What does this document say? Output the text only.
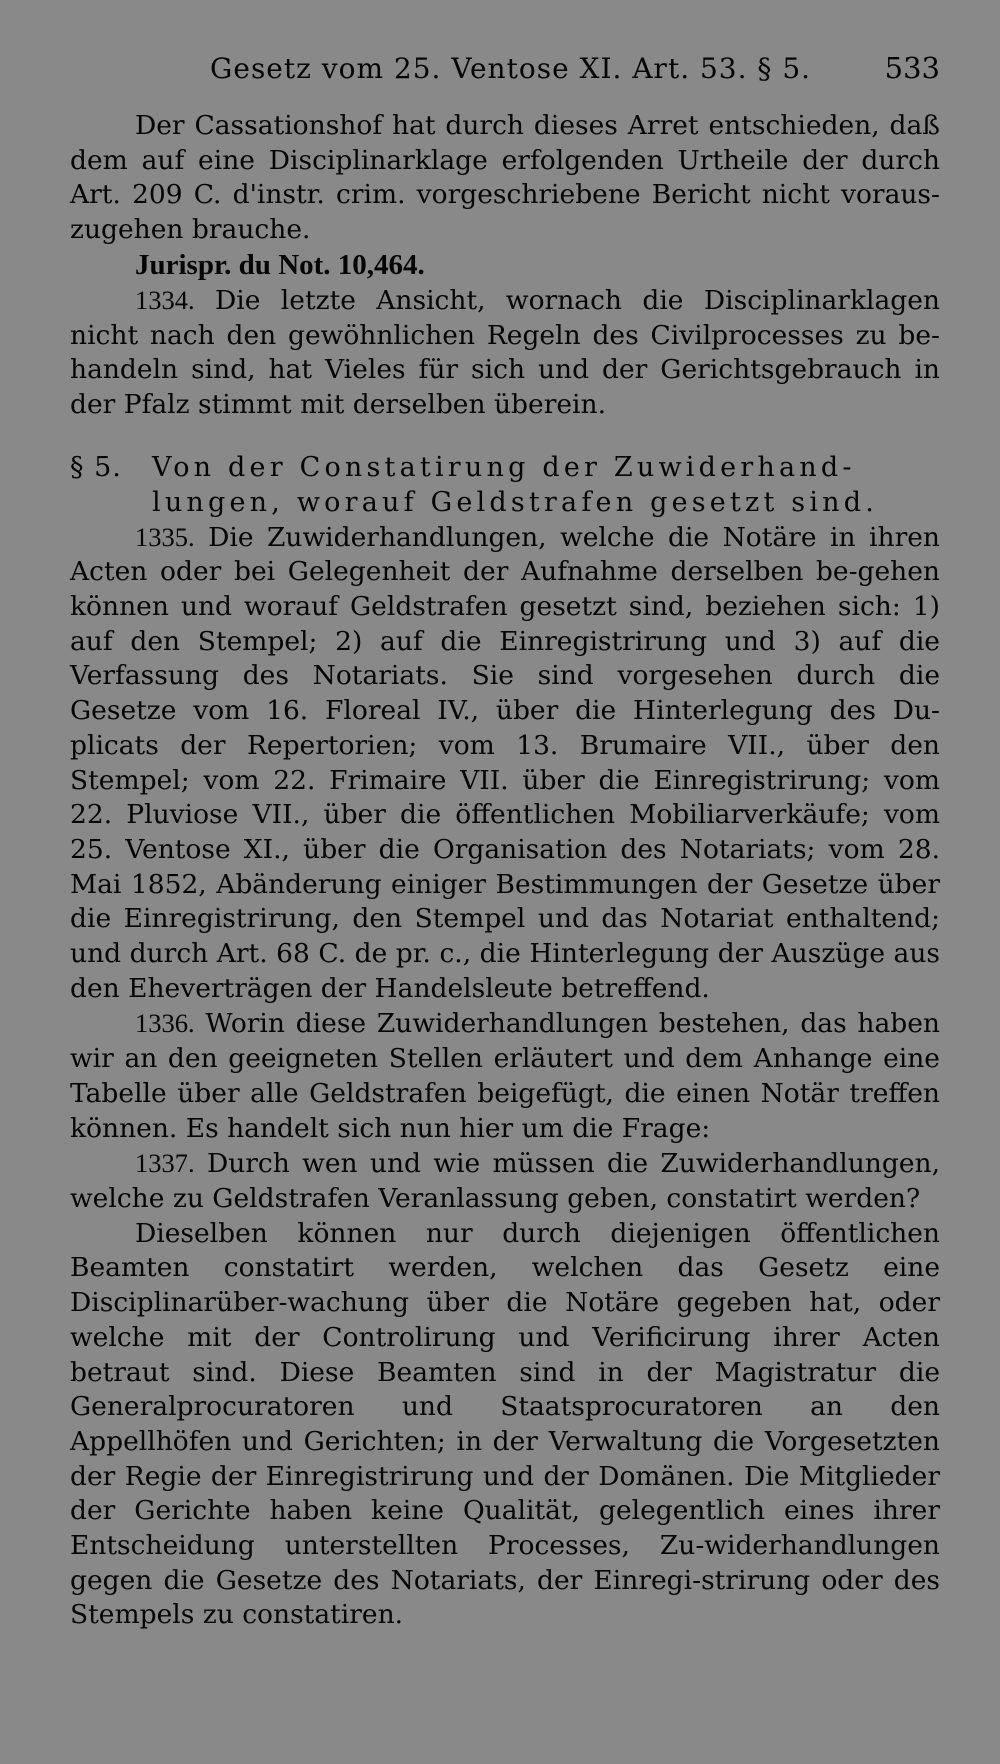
Gesetz vom 25. Ventose XI. Art. 53. § 5.	533

Der Cassationshof hat durch dieses Arret entschieden, daß dem auf eine Disciplinarklage erfolgenden Urtheile der durch Art. 209 C. d'instr. crim. vorgeschriebene Bericht nicht voraus-zugehen brauche.

Jurispr. du Not. 10,464.

1334. Die letzte Ansicht, wornach die Disciplinarklagen nicht nach den gewöhnlichen Regeln des Civilprocesses zu be-handeln sind, hat Vieles für sich und der Gerichtsgebrauch in der Pfalz stimmt mit derselben überein.

§ 5. Von der Constatirung der Zuwiderhand-lungen, worauf Geldstrafen gesetzt sind.

1335. Die Zuwiderhandlungen, welche die Notäre in ihren Acten oder bei Gelegenheit der Aufnahme derselben be-gehen können und worauf Geldstrafen gesetzt sind, beziehen sich: 1) auf den Stempel; 2) auf die Einregistrirung und 3) auf die Verfassung des Notariats. Sie sind vorgesehen durch die Gesetze vom 16. Floreal IV., über die Hinterlegung des Du-plicats der Repertorien; vom 13. Brumaire VII., über den Stempel; vom 22. Frimaire VII. über die Einregistrirung; vom 22. Pluviose VII., über die öffentlichen Mobiliarverkäufe; vom 25. Ventose XI., über die Organisation des Notariats; vom 28. Mai 1852, Abänderung einiger Bestimmungen der Gesetze über die Einregistrirung, den Stempel und das Notariat enthaltend; und durch Art. 68 C. de pr. c., die Hinterlegung der Auszüge aus den Eheverträgen der Handelsleute betreffend.

1336. Worin diese Zuwiderhandlungen bestehen, das haben wir an den geeigneten Stellen erläutert und dem Anhange eine Tabelle über alle Geldstrafen beigefügt, die einen Notär treffen können. Es handelt sich nun hier um die Frage:

1337. Durch wen und wie müssen die Zuwiderhandlungen, welche zu Geldstrafen Veranlassung geben, constatirt werden?

Dieselben können nur durch diejenigen öffentlichen Beamten constatirt werden, welchen das Gesetz eine Disciplinarüber-wachung über die Notäre gegeben hat, oder welche mit der Controlirung und Verificirung ihrer Acten betraut sind. Diese Beamten sind in der Magistratur die Generalprocuratoren und Staatsprocuratoren an den Appellhöfen und Gerichten; in der Verwaltung die Vorgesetzten der Regie der Einregistrirung und der Domänen. Die Mitglieder der Gerichte haben keine Qualität, gelegentlich eines ihrer Entscheidung unterstellten Processes, Zu-widerhandlungen gegen die Gesetze des Notariats, der Einregi-strirung oder des Stempels zu constatiren.
